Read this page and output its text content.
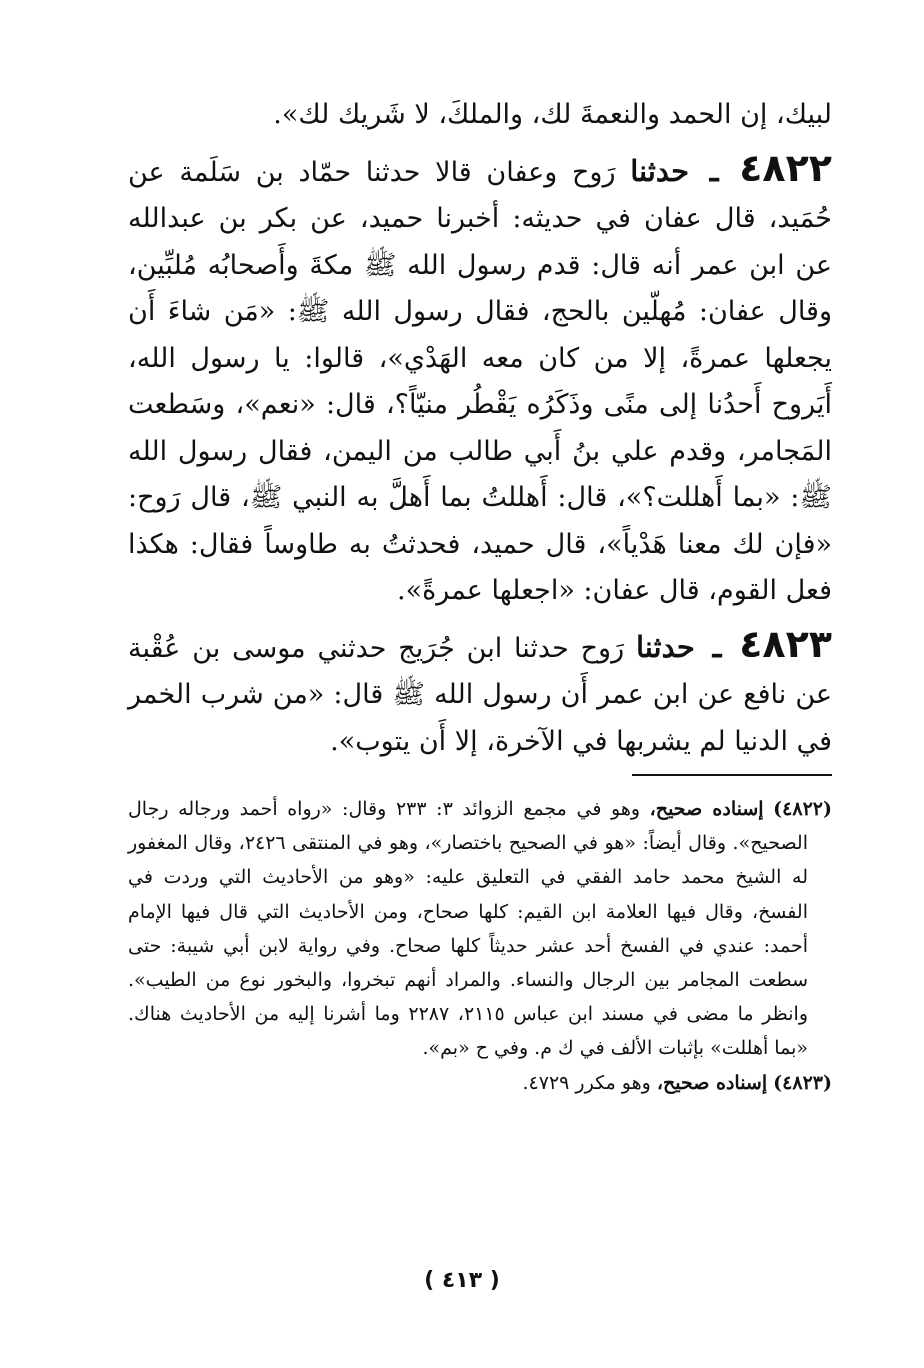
لبيك، إن الحمد والنعمةَ لك، والملكَ، لا شَريك لك».

٤٨٢٢ ـ حدثنا رَوح وعفان قالا حدثنا حمّاد بن سَلَمة عن حُمَيد، قال عفان في حديثه: أخبرنا حميد، عن بكر بن عبدالله عن ابن عمر أنه قال: قدم رسول الله ﷺ مكةَ وأَصحابُه مُلبِّين، وقال عفان: مُهلّين بالحج، فقال رسول الله ﷺ: «مَن شاءَ أَن يجعلها عمرةً، إلا من كان معه الهَدْي»، قالوا: يا رسول الله، أَيَروح أَحدُنا إلى منًى وذَكَرُه يَقْطُر منيّاً؟، قال: «نعم»، وسَطعت المَجامر، وقدم علي بنُ أَبي طالب من اليمن، فقال رسول الله ﷺ: «بما أَهللت؟»، قال: أَهللتُ بما أَهلَّ به النبي ﷺ، قال رَوح: «فإن لك معنا هَدْياً»، قال حميد، فحدثتُ به طاوساً فقال: هكذا فعل القوم، قال عفان: «اجعلها عمرةً».

٤٨٢٣ ـ حدثنا رَوح حدثنا ابن جُرَيج حدثني موسى بن عُقْبة عن نافع عن ابن عمر أَن رسول الله ﷺ قال: «من شرب الخمر في الدنيا لم يشربها في الآخرة، إلا أَن يتوب».

(٤٨٢٢) إسناده صحيح، وهو في مجمع الزوائد ٣: ٢٣٣ وقال: «رواه أحمد ورجاله رجال الصحيح». وقال أيضاً: «هو في الصحيح باختصار»، وهو في المنتقى ٢٤٢٦، وقال المغفور له الشيخ محمد حامد الفقي في التعليق عليه: «وهو من الأحاديث التي وردت في الفسخ، وقال فيها العلامة ابن القيم: كلها صحاح، ومن الأحاديث التي قال فيها الإمام أحمد: عندي في الفسخ أحد عشر حديثاً كلها صحاح. وفي رواية لابن أبي شيبة: حتى سطعت المجامر بين الرجال والنساء. والمراد أنهم تبخروا، والبخور نوع من الطيب». وانظر ما مضى في مسند ابن عباس ٢١١٥، ٢٢٨٧ وما أشرنا إليه من الأحاديث هناك. «بما أهللت» بإثبات الألف في ك م. وفي ح «بم».

(٤٨٢٣) إسناده صحيح، وهو مكرر ٤٧٢٩.

( ٤١٣ )
